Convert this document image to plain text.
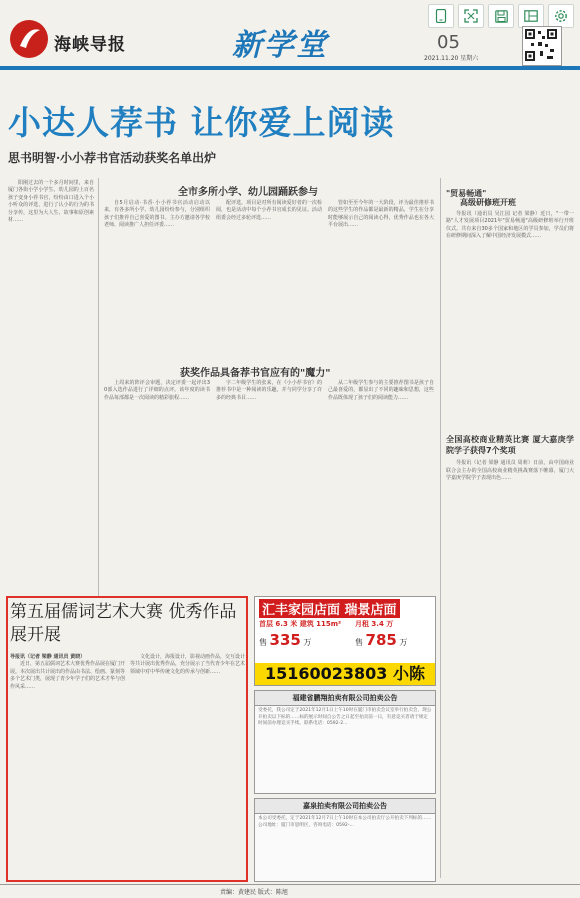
海峡导报	新学堂	05
2021.11.20 星期六
小达人荐书 让你爱上阅读
思书明智·小小荐书官活动获奖名单出炉

阳刚过去的一个多月时间里，来自厦门各街小学小学生、幼儿园的上百名孩子变身小荐书官，纷纷由口进入个小小听众的评选，进行了认小的行为的书分享传，这里为大人生、故事和原创素材……

全市多所小学、幼儿园踊跃参与

自5月启动·书香·小小荐书官活动启动以来，有各多所小学、幼儿园纷纷参与，分别组织孩子们推荐自己喜爱的图书。主办方邀请各学校老师、阅读推广人担任评委……

配评选，项目是对所有阅读爱好者的一次检阅，也是活动中每个小荐书官成长的见证。活动组委会经过多轮评选……

管如至至今年的一大阶段，评为最佳推荐书的这些学生的作品都是最新的精品，学生在分享时能够展示自己的阅读心得，优秀作品也在各大平台展出……

获奖作品具备荐书官应有的"魔力"

上周来的阵评会审题，决定评委一起评出30部入选作品进行了详细的点评。该年度的读书作品每部都是一次阅读的精彩旅程……

字二年级学生的张来，在《小小荐书官》的推荐书中是一种阅读的乐趣，并与同学分享了许多的经典书目……

从二年级学生参与的主要推荐图书是孩子自己最喜爱的，都显出了不同的趣味和思想，这些作品既体现了孩子们的阅读能力……

"贸易畅通"
高级研修班开班

导报讯（通讯员 吴江园 记者 梁静）近日，"一带一路"人才发展项目2021年"贸易畅通"高级研修班举行开班仪式。共有来自30多个国家和地区的学员参加，学员们将在研修期间深入了解中国经济发展模式……

全国高校商业精英比赛 厦大嘉庚学院学子获得7个奖项

导报讯（记者 梁静 通讯员 周莉）日前，由中国商业联合会主办的全国高校商业精英挑战赛落下帷幕，厦门大学嘉庚学院学子表现出色……

第五届儒词艺术大赛 优秀作品展开展
导报讯（记者 梁静 通讯员 黄晓）

近日，第五届儒词艺术大赛优秀作品展在厦门开展。本次展出共计展出的作品由书法、绘画、篆刻等多个艺术门类，展现了青少年学子们的艺术才华与创作风采……

文化设计，海报设计，影视动画作品，交互设计等共计展出优秀作品，充分展示了当代青少年在艺术领域中对中华传统文化的传承与创新……

汇丰家园店面 瑞景店面
首层 6.3 米 建筑 115m² 月租 3.4 万
售 335 万	售 785 万
15160023803 小陈
福建省鹏翔拍卖有限公司拍卖公告
受委托，我公司定于2021年12月1日上午10时在厦门市拍卖会议室举行拍卖会，现公开拍卖以下标的……标的展示时间自公告之日起至拍卖前一日，有意竞买者请于规定时间前办理竞买手续。联系电话：0592-2...
嘉泉拍卖有限公司拍卖公告
本公司受委托，定于2021年12月7日上午10时在本公司拍卖厅公开拍卖下列标的……公司地址：厦门市思明区，咨询电话：0592-...
责编：黄建民 版式：陈旭
